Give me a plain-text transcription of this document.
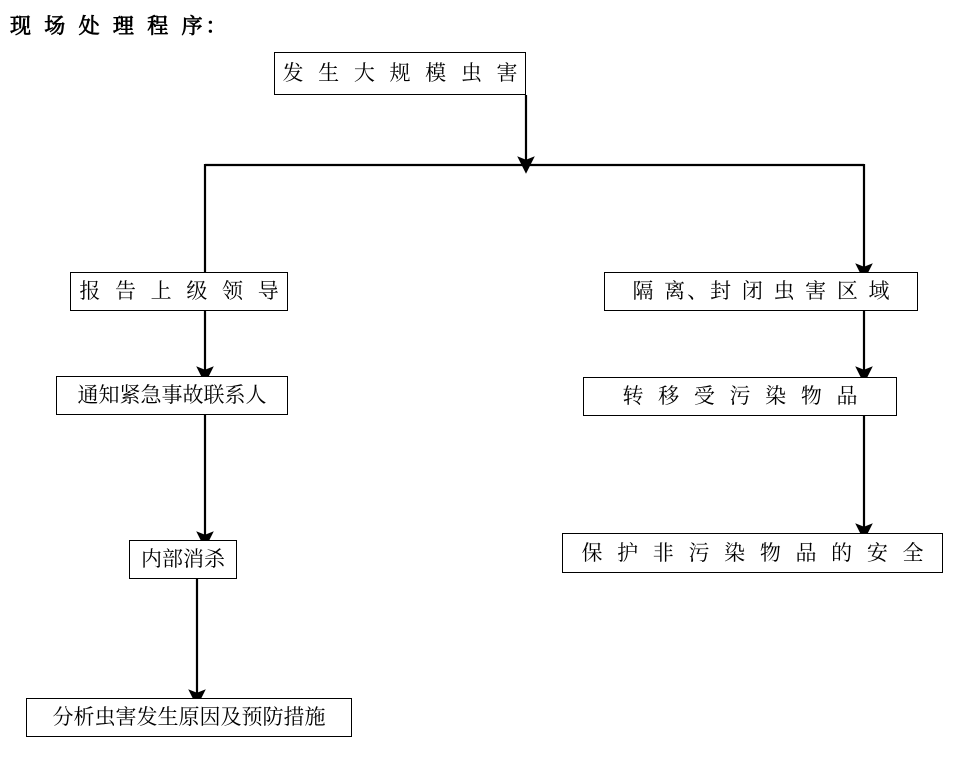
现 场 处 理 程 序：
发 生 大 规 模 虫 害
报 告 上 级 领 导
通知紧急事故联系人
内部消杀
分析虫害发生原因及预防措施
隔 离、封 闭 虫 害 区 域
转 移 受 污 染 物 品
保 护 非 污 染 物 品 的 安 全
